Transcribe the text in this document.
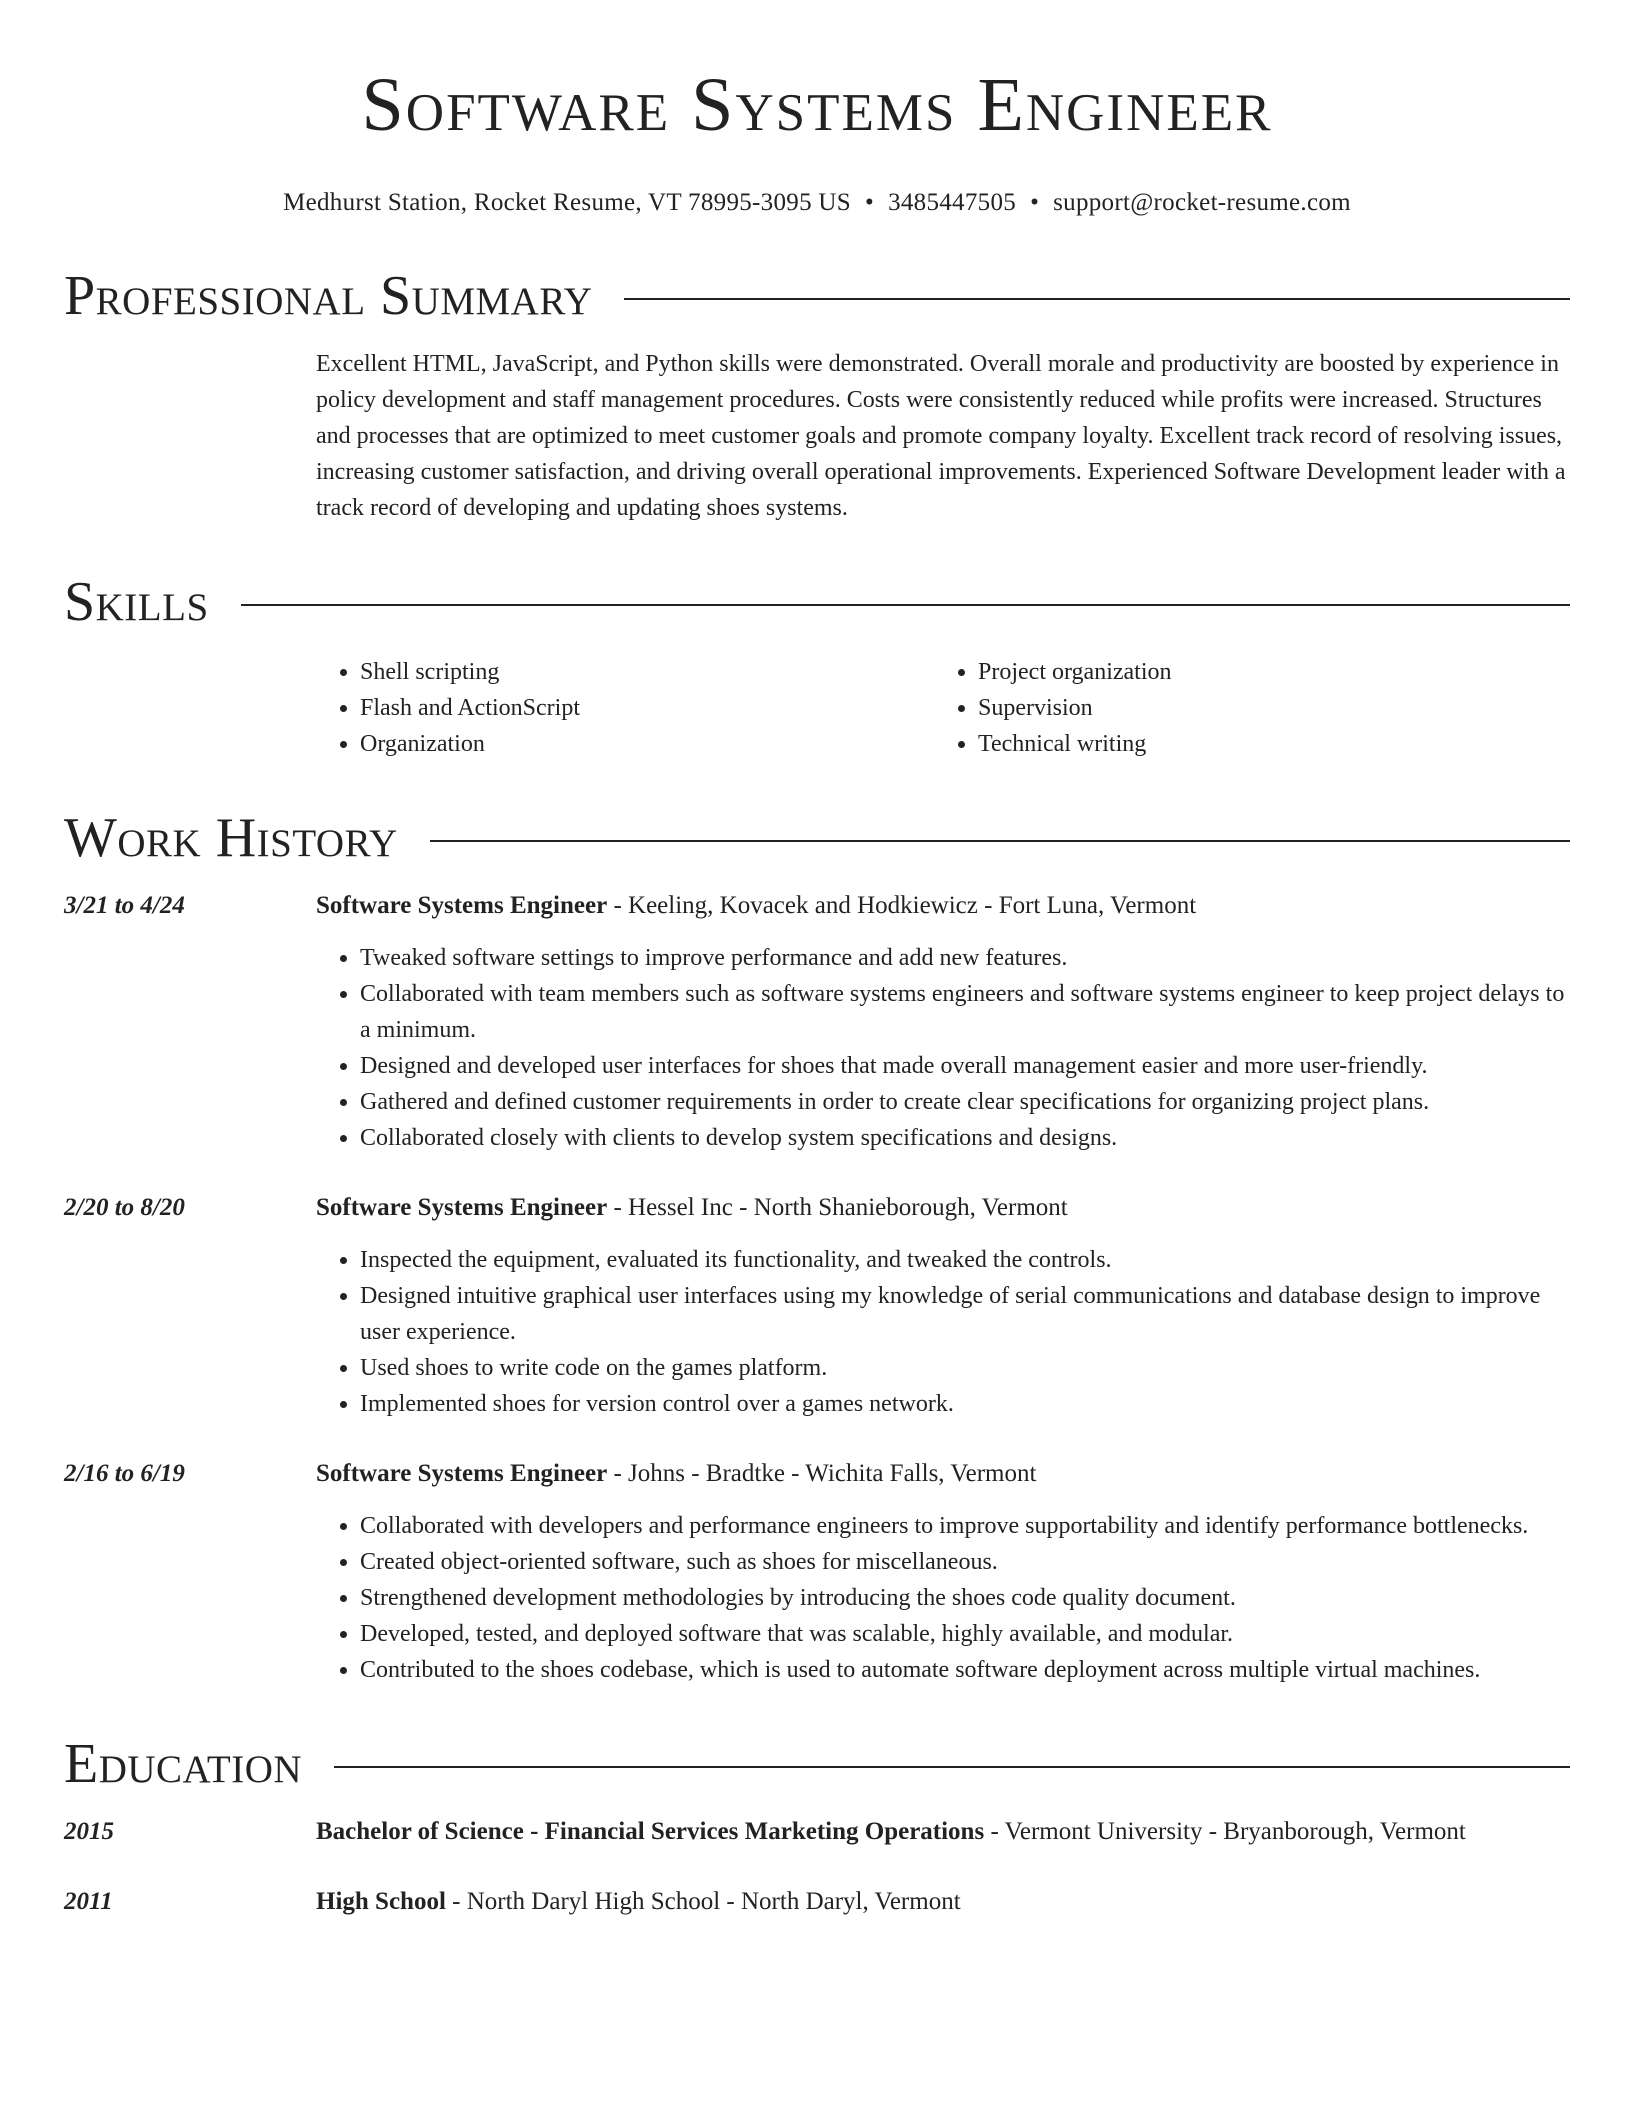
Software Systems Engineer
Medhurst Station, Rocket Resume, VT 78995-3095 US • 3485447505 • support@rocket-resume.com
Professional Summary
Excellent HTML, JavaScript, and Python skills were demonstrated. Overall morale and productivity are boosted by experience in policy development and staff management procedures. Costs were consistently reduced while profits were increased. Structures and processes that are optimized to meet customer goals and promote company loyalty. Excellent track record of resolving issues, increasing customer satisfaction, and driving overall operational improvements. Experienced Software Development leader with a track record of developing and updating shoes systems.
Skills
• Shell scripting
• Flash and ActionScript
• Organization
• Project organization
• Supervision
• Technical writing
Work History
3/21 to 4/24	Software Systems Engineer - Keeling, Kovacek and Hodkiewicz - Fort Luna, Vermont
• Tweaked software settings to improve performance and add new features.
• Collaborated with team members such as software systems engineers and software systems engineer to keep project delays to a minimum.
• Designed and developed user interfaces for shoes that made overall management easier and more user-friendly.
• Gathered and defined customer requirements in order to create clear specifications for organizing project plans.
• Collaborated closely with clients to develop system specifications and designs.
2/20 to 8/20	Software Systems Engineer - Hessel Inc - North Shanieborough, Vermont
• Inspected the equipment, evaluated its functionality, and tweaked the controls.
• Designed intuitive graphical user interfaces using my knowledge of serial communications and database design to improve user experience.
• Used shoes to write code on the games platform.
• Implemented shoes for version control over a games network.
2/16 to 6/19	Software Systems Engineer - Johns - Bradtke - Wichita Falls, Vermont
• Collaborated with developers and performance engineers to improve supportability and identify performance bottlenecks.
• Created object-oriented software, such as shoes for miscellaneous.
• Strengthened development methodologies by introducing the shoes code quality document.
• Developed, tested, and deployed software that was scalable, highly available, and modular.
• Contributed to the shoes codebase, which is used to automate software deployment across multiple virtual machines.
Education
2015	Bachelor of Science - Financial Services Marketing Operations - Vermont University - Bryanborough, Vermont
2011	High School - North Daryl High School - North Daryl, Vermont
